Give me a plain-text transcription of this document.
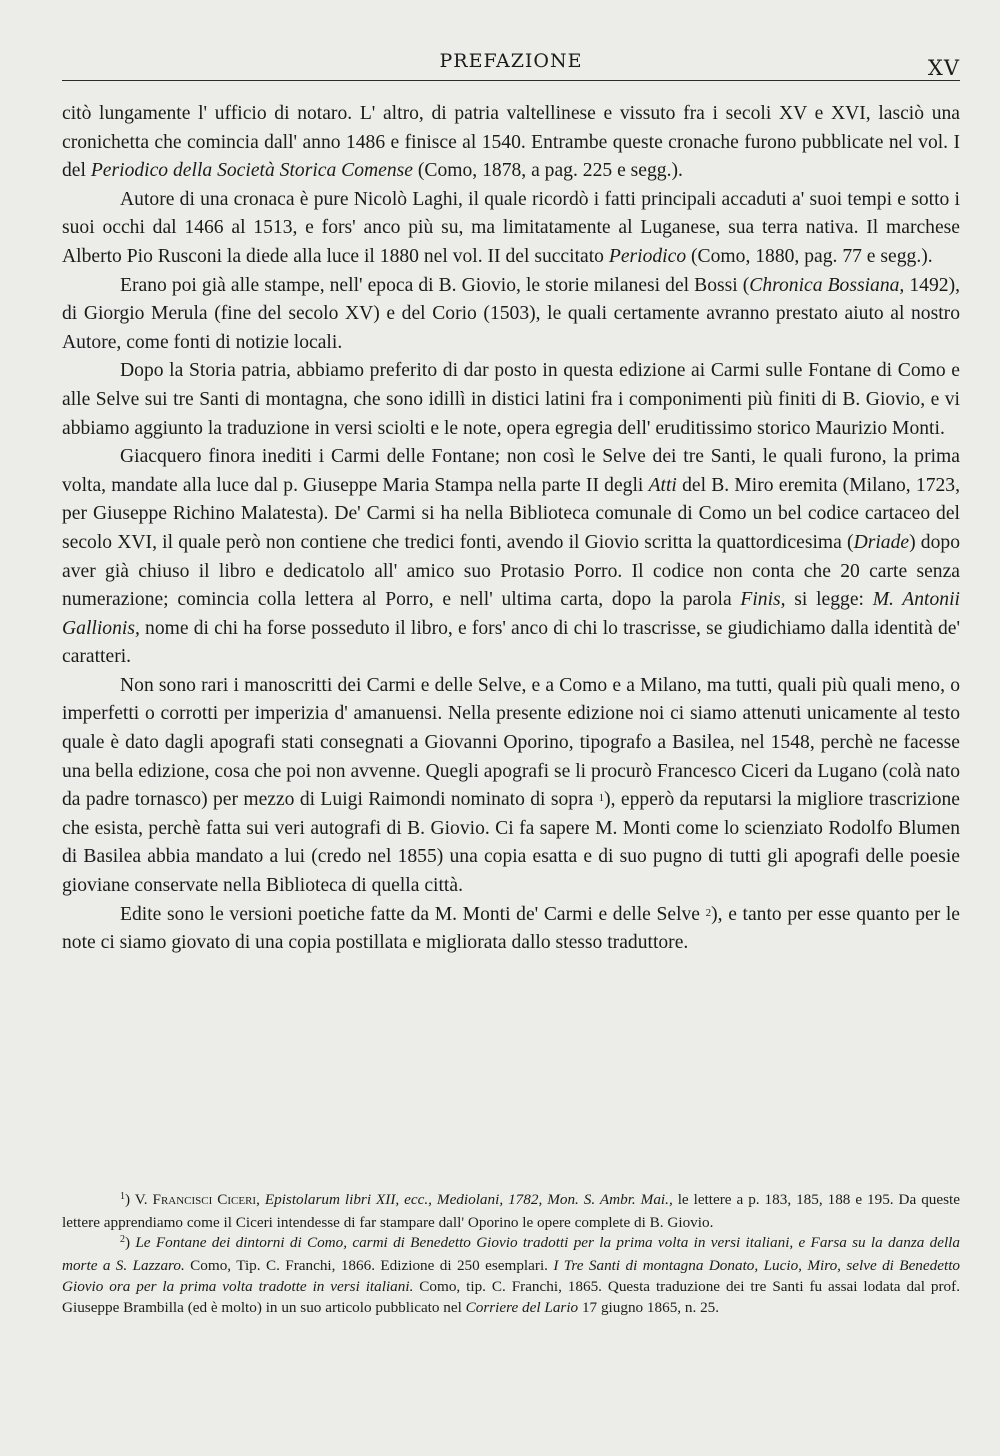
PREFAZIONE	XV

citò lungamente l' ufficio di notaro. L' altro, di patria valtellinese e vissuto fra i secoli XV e XVI, lasciò una cronichetta che comincia dall' anno 1486 e finisce al 1540. Entrambe queste cronache furono pubblicate nel vol. I del Periodico della Società Storica Comense (Como, 1878, a pag. 225 e segg.).

Autore di una cronaca è pure Nicolò Laghi, il quale ricordò i fatti principali accaduti a' suoi tempi e sotto i suoi occhi dal 1466 al 1513, e fors' anco più su, ma limitatamente al Luganese, sua terra nativa. Il marchese Alberto Pio Rusconi la diede alla luce il 1880 nel vol. II del succitato Periodico (Como, 1880, pag. 77 e segg.).

Erano poi già alle stampe, nell' epoca di B. Giovio, le storie milanesi del Bossi (Chronica Bossiana, 1492), di Giorgio Merula (fine del secolo XV) e del Corio (1503), le quali certamente avranno prestato aiuto al nostro Autore, come fonti di notizie locali.

Dopo la Storia patria, abbiamo preferito di dar posto in questa edizione ai Carmi sulle Fontane di Como e alle Selve sui tre Santi di montagna, che sono idillì in distici latini fra i componimenti più finiti di B. Giovio, e vi abbiamo aggiunto la traduzione in versi sciolti e le note, opera egregia dell' eruditissimo storico Maurizio Monti.

Giacquero finora inediti i Carmi delle Fontane; non così le Selve dei tre Santi, le quali furono, la prima volta, mandate alla luce dal p. Giuseppe Maria Stampa nella parte II degli Atti del B. Miro eremita (Milano, 1723, per Giuseppe Richino Malatesta). De' Carmi si ha nella Biblioteca comunale di Como un bel codice cartaceo del secolo XVI, il quale però non contiene che tredici fonti, avendo il Giovio scritta la quattordicesima (Driade) dopo aver già chiuso il libro e dedicatolo all' amico suo Protasio Porro. Il codice non conta che 20 carte senza numerazione; comincia colla lettera al Porro, e nell' ultima carta, dopo la parola Finis, si legge: M. Antonii Gallionis, nome di chi ha forse posseduto il libro, e fors' anco di chi lo trascrisse, se giudichiamo dalla identità de' caratteri.

Non sono rari i manoscritti dei Carmi e delle Selve, e a Como e a Milano, ma tutti, quali più quali meno, o imperfetti o corrotti per imperizia d' amanuensi. Nella presente edizione noi ci siamo attenuti unicamente al testo quale è dato dagli apografi stati consegnati a Giovanni Oporino, tipografo a Basilea, nel 1548, perchè ne facesse una bella edizione, cosa che poi non avvenne. Quegli apografi se li procurò Francesco Ciceri da Lugano (colà nato da padre tornasco) per mezzo di Luigi Raimondi nominato di sopra $^1$), epperò da reputarsi la migliore trascrizione che esista, perchè fatta sui veri autografi di B. Giovio. Ci fa sapere M. Monti come lo scienziato Rodolfo Blumen di Basilea abbia mandato a lui (credo nel 1855) una copia esatta e di suo pugno di tutti gli apografi delle poesie gioviane conservate nella Biblioteca di quella città.

Edite sono le versioni poetiche fatte da M. Monti de' Carmi e delle Selve $^2$), e tanto per esse quanto per le note ci siamo giovato di una copia postillata e migliorata dallo stesso traduttore.

$^1$) V. Francisci Ciceri, Epistolarum libri XII, ecc., Mediolani, 1782, Mon. S. Ambr. Mai., le lettere a p. 183, 185, 188 e 195. Da queste lettere apprendiamo come il Ciceri intendesse di far stampare dall' Oporino le opere complete di B. Giovio.

$^2$) Le Fontane dei dintorni di Como, carmi di Benedetto Giovio tradotti per la prima volta in versi italiani, e Farsa su la danza della morte a S. Lazzaro. Como, Tip. C. Franchi, 1866. Edizione di 250 esemplari. I Tre Santi di montagna Donato, Lucio, Miro, selve di Benedetto Giovio ora per la prima volta tradotte in versi italiani. Como, tip. C. Franchi, 1865. Questa traduzione dei tre Santi fu assai lodata dal prof. Giuseppe Brambilla (ed è molto) in un suo articolo pubblicato nel Corriere del Lario 17 giugno 1865, n. 25.
